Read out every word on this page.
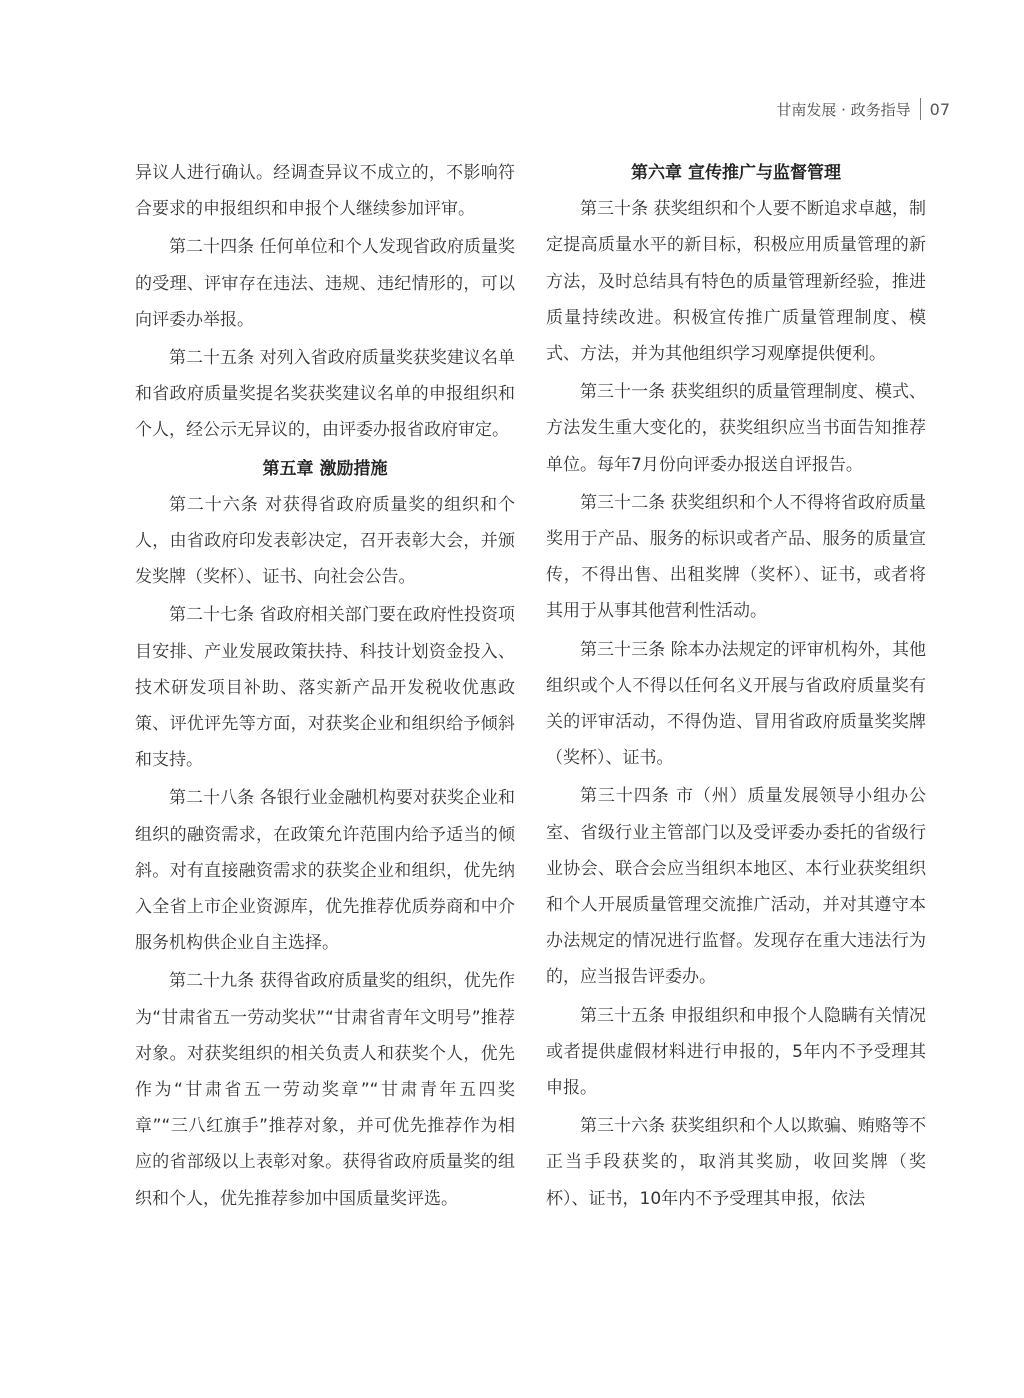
甘南发展 · 政务指导 07

异议人进行确认。经调查异议不成立的，不影响符合要求的申报组织和申报个人继续参加评审。

第二十四条 任何单位和个人发现省政府质量奖的受理、评审存在违法、违规、违纪情形的，可以向评委办举报。

第二十五条 对列入省政府质量奖获奖建议名单和省政府质量奖提名奖获奖建议名单的申报组织和个人，经公示无异议的，由评委办报省政府审定。

第五章 激励措施

第二十六条 对获得省政府质量奖的组织和个人，由省政府印发表彰决定，召开表彰大会，并颁发奖牌（奖杯）、证书、向社会公告。

第二十七条 省政府相关部门要在政府性投资项目安排、产业发展政策扶持、科技计划资金投入、技术研发项目补助、落实新产品开发税收优惠政策、评优评先等方面，对获奖企业和组织给予倾斜和支持。

第二十八条 各银行业金融机构要对获奖企业和组织的融资需求，在政策允许范围内给予适当的倾斜。对有直接融资需求的获奖企业和组织，优先纳入全省上市企业资源库，优先推荐优质券商和中介服务机构供企业自主选择。

第二十九条 获得省政府质量奖的组织，优先作为“甘肃省五一劳动奖状”“甘肃省青年文明号”推荐对象。对获奖组织的相关负责人和获奖个人，优先作为“甘肃省五一劳动奖章”“甘肃青年五四奖章”“三八红旗手”推荐对象，并可优先推荐作为相应的省部级以上表彰对象。获得省政府质量奖的组织和个人，优先推荐参加中国质量奖评选。

第六章 宣传推广与监督管理

第三十条 获奖组织和个人要不断追求卓越，制定提高质量水平的新目标，积极应用质量管理的新方法，及时总结具有特色的质量管理新经验，推进质量持续改进。积极宣传推广质量管理制度、模式、方法，并为其他组织学习观摩提供便利。

第三十一条 获奖组织的质量管理制度、模式、方法发生重大变化的，获奖组织应当书面告知推荐单位。每年7月份向评委办报送自评报告。

第三十二条 获奖组织和个人不得将省政府质量奖用于产品、服务的标识或者产品、服务的质量宣传，不得出售、出租奖牌（奖杯）、证书，或者将其用于从事其他营利性活动。

第三十三条 除本办法规定的评审机构外，其他组织或个人不得以任何名义开展与省政府质量奖有关的评审活动，不得伪造、冒用省政府质量奖奖牌（奖杯）、证书。

第三十四条 市（州）质量发展领导小组办公室、省级行业主管部门以及受评委办委托的省级行业协会、联合会应当组织本地区、本行业获奖组织和个人开展质量管理交流推广活动，并对其遵守本办法规定的情况进行监督。发现存在重大违法行为的，应当报告评委办。

第三十五条 申报组织和申报个人隐瞒有关情况或者提供虚假材料进行申报的，5年内不予受理其申报。

第三十六条 获奖组织和个人以欺骗、贿赂等不正当手段获奖的，取消其奖励，收回奖牌（奖杯）、证书，10年内不予受理其申报，依法
